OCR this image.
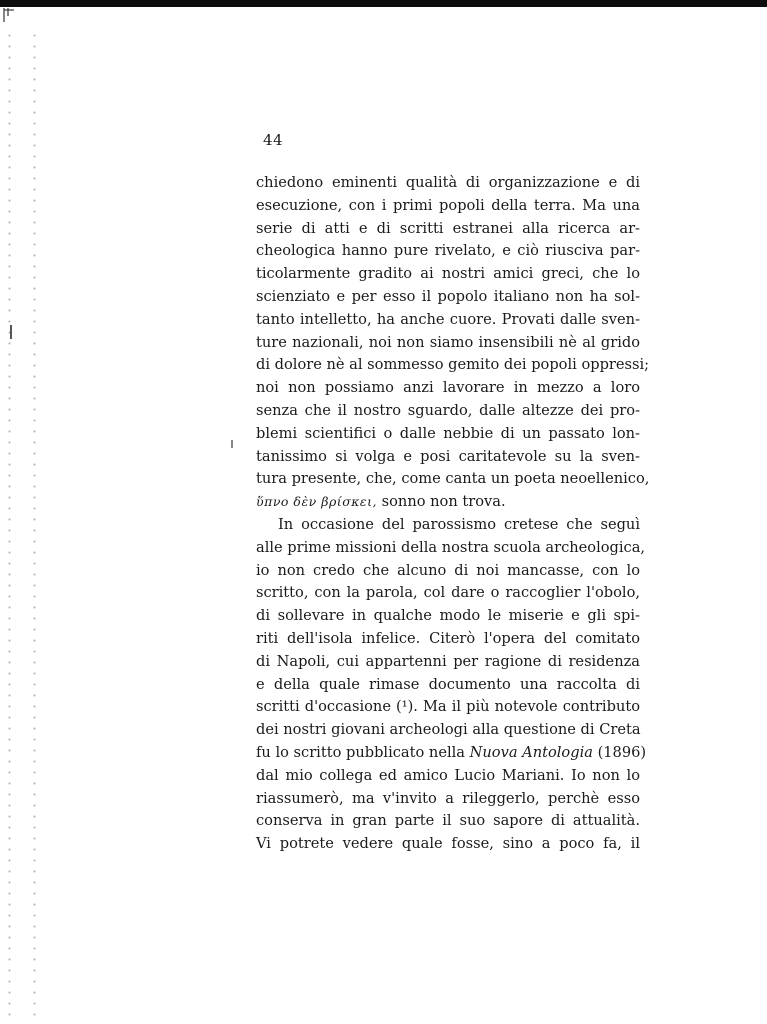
44
chiedono eminenti qualità di organizzazione e di
esecuzione, con i primi popoli della terra. Ma una
serie di atti e di scritti estranei alla ricerca ar-
cheologica hanno pure rivelato, e ciò riusciva par-
ticolarmente gradito ai nostri amici greci, che lo
scienziato e per esso il popolo italiano non ha sol-
tanto intelletto, ha anche cuore. Provati dalle sven-
ture nazionali, noi non siamo insensibili nè al grido
di dolore nè al sommesso gemito dei popoli oppressi;
noi non possiamo anzi lavorare in mezzo a loro
senza che il nostro sguardo, dalle altezze dei pro-
blemi scientifici o dalle nebbie di un passato lon-
tanissimo si volga e posi caritatevole su la sven-
tura presente, che, come canta un poeta neoellenico,
ὕπνο δὲν βρίσκει, sonno non trova.
In occasione del parossismo cretese che seguì
alle prime missioni della nostra scuola archeologica,
io non credo che alcuno di noi mancasse, con lo
scritto, con la parola, col dare o raccoglier l'obolo,
di sollevare in qualche modo le miserie e gli spi-
riti dell'isola infelice. Citerò l'opera del comitato
di Napoli, cui appartenni per ragione di residenza
e della quale rimase documento una raccolta di
scritti d'occasione (¹). Ma il più notevole contributo
dei nostri giovani archeologi alla questione di Creta
fu lo scritto pubblicato nella Nuova Antologia (1896)
dal mio collega ed amico Lucio Mariani. Io non lo
riassumerò, ma v'invito a rileggerlo, perchè esso
conserva in gran parte il suo sapore di attualità.
Vi potrete vedere quale fosse, sino a poco fa, il
